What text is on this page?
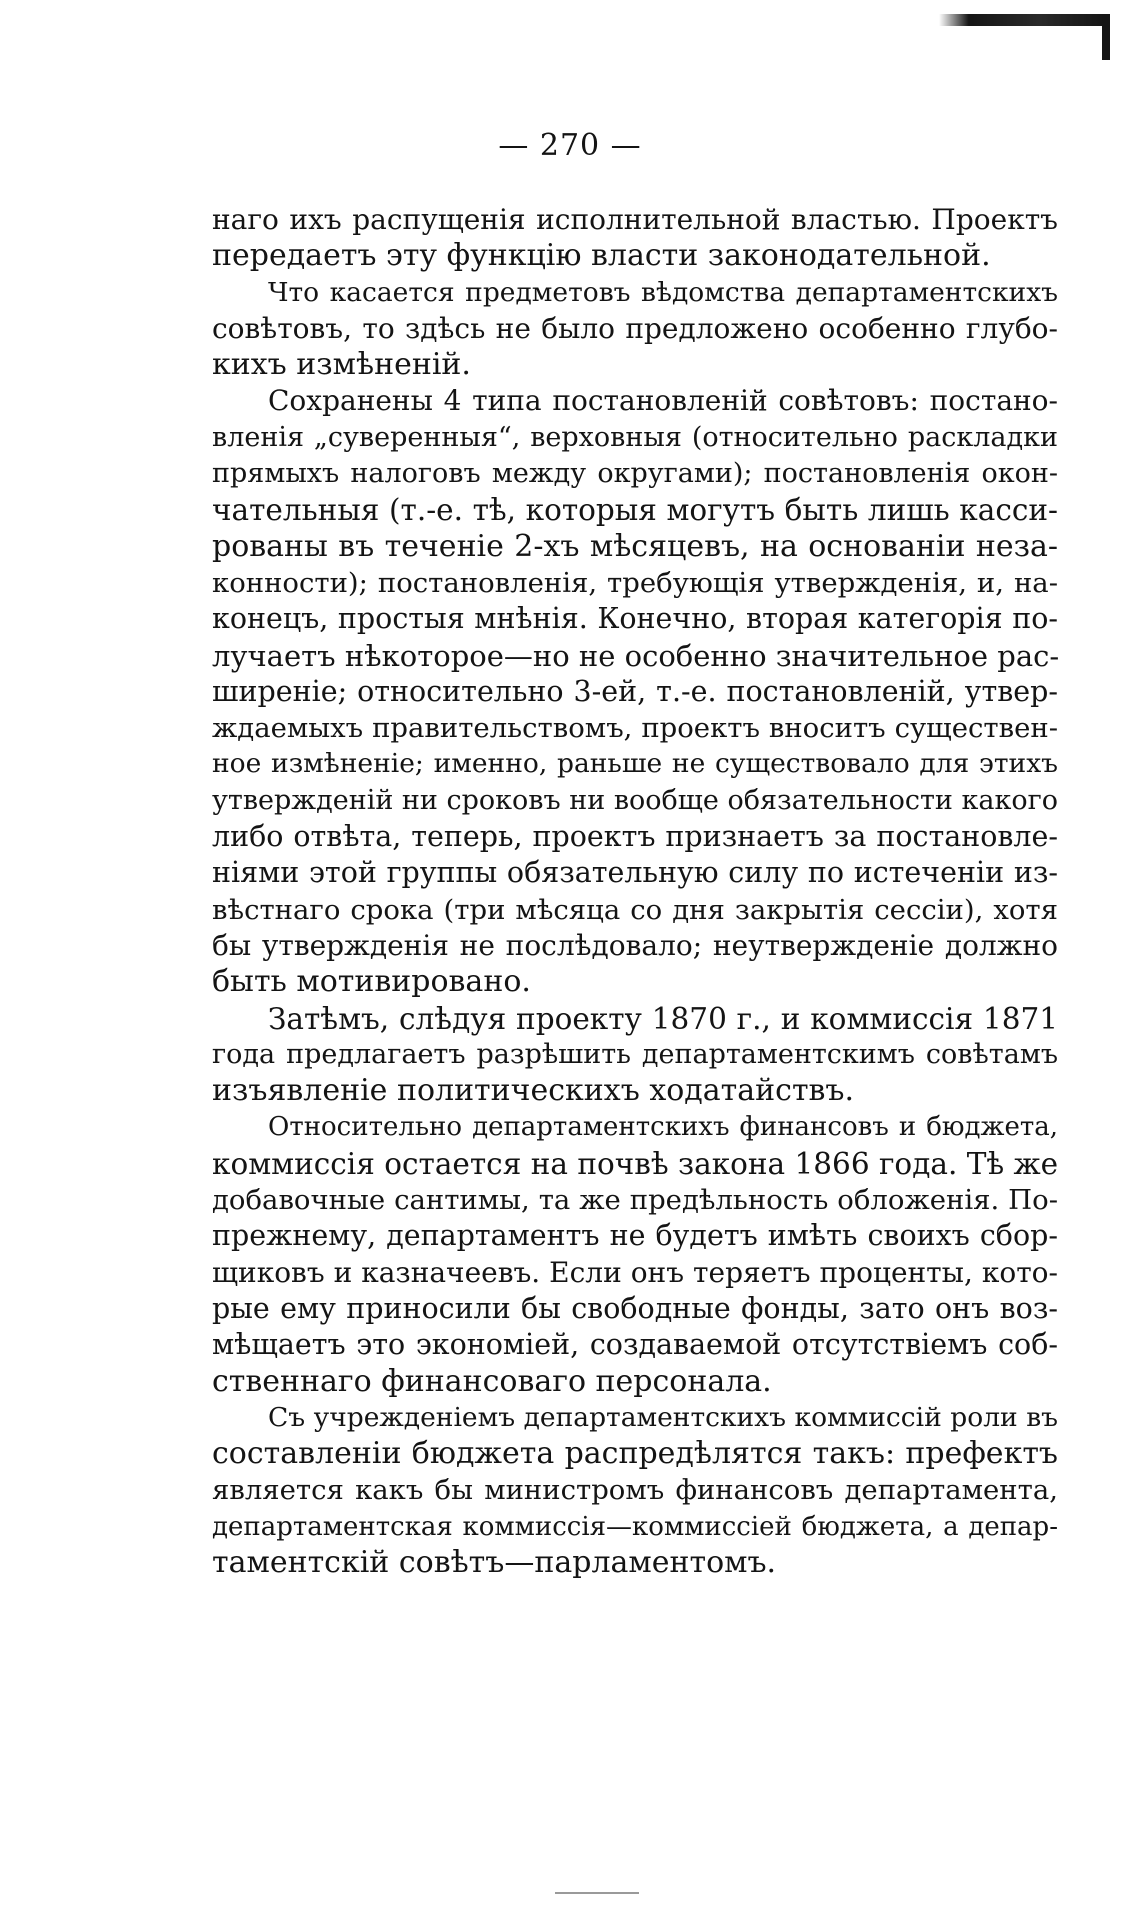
— 270 —
наго ихъ распущенія исполнительной властью. Проектъ
передаетъ эту функцію власти законодательной.
Что касается предметовъ вѣдомства департаментскихъ
совѣтовъ, то здѣсь не было предложено особенно глубо-
кихъ измѣненій.
Сохранены 4 типа постановленій совѣтовъ: постано-
вленія „суверенныя“, верховныя (относительно раскладки
прямыхъ налоговъ между округами); постановленія окон-
чательныя (т.-е. тѣ, которыя могутъ быть лишь касси-
рованы въ теченіе 2-хъ мѣсяцевъ, на основаніи неза-
конности); постановленія, требующія утвержденія, и, на-
конецъ, простыя мнѣнія. Конечно, вторая категорія по-
лучаетъ нѣкоторое—но не особенно значительное рас-
ширеніе; относительно 3-ей, т.-е. постановленій, утвер-
ждаемыхъ правительствомъ, проектъ вноситъ существен-
ное измѣненіе; именно, раньше не существовало для этихъ
утвержденій ни сроковъ ни вообще обязательности какого
либо отвѣта, теперь, проектъ признаетъ за постановле-
ніями этой группы обязательную силу по истеченіи из-
вѣстнаго срока (три мѣсяца со дня закрытія сессіи), хотя
бы утвержденія не послѣдовало; неутвержденіе должно
быть мотивировано.
Затѣмъ, слѣдуя проекту 1870 г., и коммиссія 1871
года предлагаетъ разрѣшить департаментскимъ совѣтамъ
изъявленіе политическихъ ходатайствъ.
Относительно департаментскихъ финансовъ и бюджета,
коммиссія остается на почвѣ закона 1866 года. Тѣ же
добавочные сантимы, та же предѣльность обложенія. По-
прежнему, департаментъ не будетъ имѣть своихъ сбор-
щиковъ и казначеевъ. Если онъ теряетъ проценты, кото-
рые ему приносили бы свободные фонды, зато онъ воз-
мѣщаетъ это экономіей, создаваемой отсутствіемъ соб-
ственнаго финансоваго персонала.
Съ учрежденіемъ департаментскихъ коммиссій роли въ
составленіи бюджета распредѣлятся такъ: префектъ
является какъ бы министромъ финансовъ департамента,
департаментская коммиссія—коммиссіей бюджета, а депар-
таментскій совѣтъ—парламентомъ.
